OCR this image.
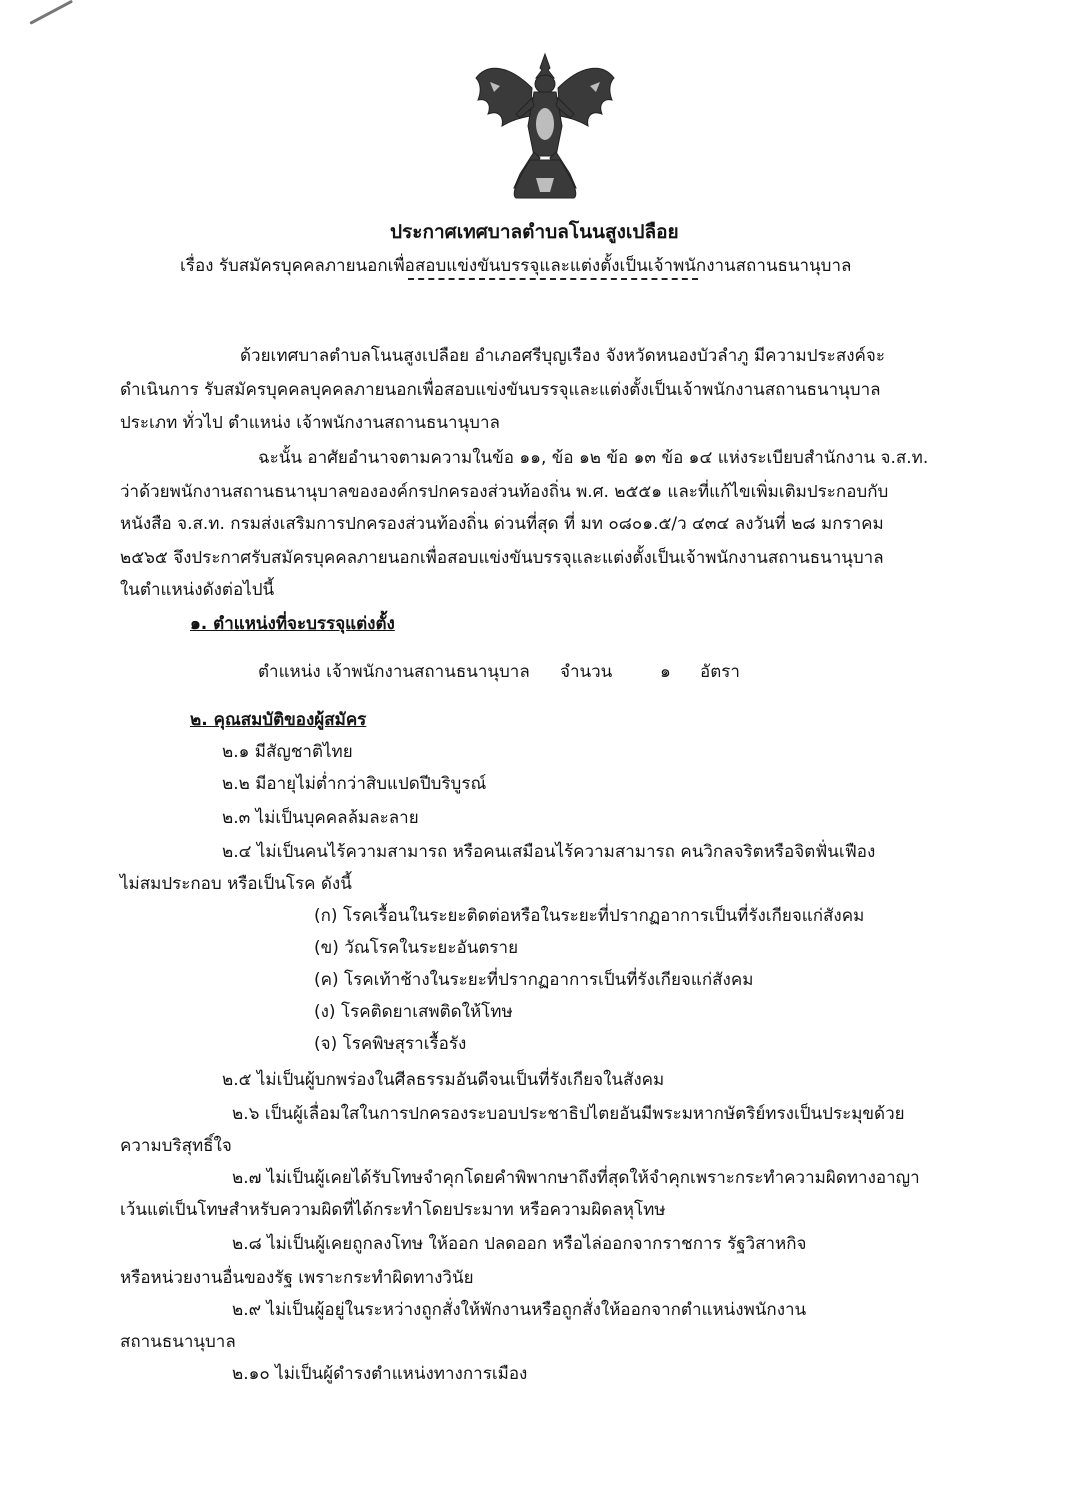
ประกาศเทศบาลตำบลโนนสูงเปลือย
เรื่อง รับสมัครบุคคลภายนอกเพื่อสอบแข่งขันบรรจุและแต่งตั้งเป็นเจ้าพนักงานสถานธนานุบาล
ด้วยเทศบาลตำบลโนนสูงเปลือย อำเภอศรีบุญเรือง จังหวัดหนองบัวลำภู มีความประสงค์จะ
ดำเนินการ รับสมัครบุคคลบุคคลภายนอกเพื่อสอบแข่งขันบรรจุและแต่งตั้งเป็นเจ้าพนักงานสถานธนานุบาล
ประเภท ทั่วไป ตำแหน่ง เจ้าพนักงานสถานธนานุบาล
ฉะนั้น อาศัยอำนาจตามความในข้อ ๑๑, ข้อ ๑๒ ข้อ ๑๓ ข้อ ๑๔ แห่งระเบียบสำนักงาน จ.ส.ท.
ว่าด้วยพนักงานสถานธนานุบาลขององค์กรปกครองส่วนท้องถิ่น พ.ศ. ๒๕๕๑ และที่แก้ไขเพิ่มเติมประกอบกับ
หนังสือ จ.ส.ท. กรมส่งเสริมการปกครองส่วนท้องถิ่น ด่วนที่สุด ที่ มท ๐๘๐๑.๕/ว ๔๓๔ ลงวันที่ ๒๘ มกราคม
๒๕๖๕ จึงประกาศรับสมัครบุคคลภายนอกเพื่อสอบแข่งขันบรรจุและแต่งตั้งเป็นเจ้าพนักงานสถานธนานุบาล
ในตำแหน่งดังต่อไปนี้
๑. ตำแหน่งที่จะบรรจุแต่งตั้ง
ตำแหน่ง เจ้าพนักงานสถานธนานุบาล จำนวน	๑ อัตรา
๒. คุณสมบัติของผู้สมัคร
๒.๑ มีสัญชาติไทย
๒.๒ มีอายุไม่ต่ำกว่าสิบแปดปีบริบูรณ์
๒.๓ ไม่เป็นบุคคลล้มละลาย
๒.๔ ไม่เป็นคนไร้ความสามารถ หรือคนเสมือนไร้ความสามารถ คนวิกลจริตหรือจิตฟั่นเฟือง
ไม่สมประกอบ หรือเป็นโรค ดังนี้
(ก) โรคเรื้อนในระยะติดต่อหรือในระยะที่ปรากฏอาการเป็นที่รังเกียจแก่สังคม
(ข) วัณโรคในระยะอันตราย
(ค) โรคเท้าช้างในระยะที่ปรากฏอาการเป็นที่รังเกียจแก่สังคม
(ง) โรคติดยาเสพติดให้โทษ
(จ) โรคพิษสุราเรื้อรัง
๒.๕ ไม่เป็นผู้บกพร่องในศีลธรรมอันดีจนเป็นที่รังเกียจในสังคม
๒.๖ เป็นผู้เลื่อมใสในการปกครองระบอบประชาธิปไตยอันมีพระมหากษัตริย์ทรงเป็นประมุขด้วย
ความบริสุทธิ์ใจ
๒.๗ ไม่เป็นผู้เคยได้รับโทษจำคุกโดยคำพิพากษาถึงที่สุดให้จำคุกเพราะกระทำความผิดทางอาญา
เว้นแต่เป็นโทษสำหรับความผิดที่ได้กระทำโดยประมาท หรือความผิดลหุโทษ
๒.๘ ไม่เป็นผู้เคยถูกลงโทษ ให้ออก ปลดออก หรือไล่ออกจากราชการ รัฐวิสาหกิจ
หรือหน่วยงานอื่นของรัฐ เพราะกระทำผิดทางวินัย
๒.๙ ไม่เป็นผู้อยู่ในระหว่างถูกสั่งให้พักงานหรือถูกสั่งให้ออกจากตำแหน่งพนักงาน
สถานธนานุบาล
๒.๑๐ ไม่เป็นผู้ดำรงตำแหน่งทางการเมือง
